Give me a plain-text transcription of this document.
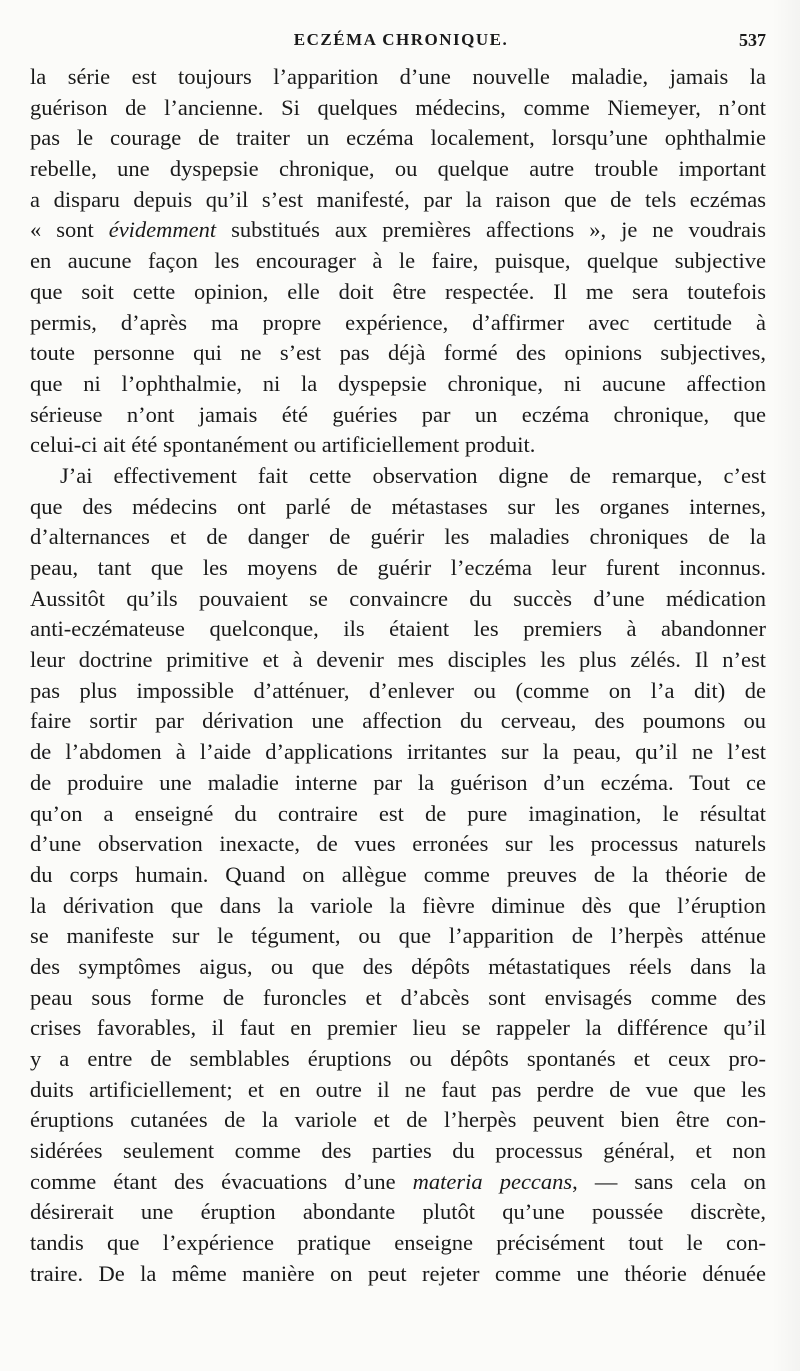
ECZÉMA CHRONIQUE.	537
la série est toujours l’apparition d’une nouvelle maladie, jamais la
guérison de l’ancienne. Si quelques médecins, comme Niemeyer, n’ont
pas le courage de traiter un eczéma localement, lorsqu’une ophthalmie
rebelle, une dyspepsie chronique, ou quelque autre trouble important
a disparu depuis qu’il s’est manifesté, par la raison que de tels eczémas
« sont évidemment substitués aux premières affections », je ne voudrais
en aucune façon les encourager à le faire, puisque, quelque subjective
que soit cette opinion, elle doit être respectée. Il me sera toutefois
permis, d’après ma propre expérience, d’affirmer avec certitude à
toute personne qui ne s’est pas déjà formé des opinions subjectives,
que ni l’ophthalmie, ni la dyspepsie chronique, ni aucune affection
sérieuse n’ont jamais été guéries par un eczéma chronique, que
celui-ci ait été spontanément ou artificiellement produit.
J’ai effectivement fait cette observation digne de remarque, c’est
que des médecins ont parlé de métastases sur les organes internes,
d’alternances et de danger de guérir les maladies chroniques de la
peau, tant que les moyens de guérir l’eczéma leur furent inconnus.
Aussitôt qu’ils pouvaient se convaincre du succès d’une médication
anti-eczémateuse quelconque, ils étaient les premiers à abandonner
leur doctrine primitive et à devenir mes disciples les plus zélés. Il n’est
pas plus impossible d’atténuer, d’enlever ou (comme on l’a dit) de
faire sortir par dérivation une affection du cerveau, des poumons ou
de l’abdomen à l’aide d’applications irritantes sur la peau, qu’il ne l’est
de produire une maladie interne par la guérison d’un eczéma. Tout ce
qu’on a enseigné du contraire est de pure imagination, le résultat
d’une observation inexacte, de vues erronées sur les processus naturels
du corps humain. Quand on allègue comme preuves de la théorie de
la dérivation que dans la variole la fièvre diminue dès que l’éruption
se manifeste sur le tégument, ou que l’apparition de l’herpès atténue
des symptômes aigus, ou que des dépôts métastatiques réels dans la
peau sous forme de furoncles et d’abcès sont envisagés comme des
crises favorables, il faut en premier lieu se rappeler la différence qu’il
y a entre de semblables éruptions ou dépôts spontanés et ceux pro-
duits artificiellement; et en outre il ne faut pas perdre de vue que les
éruptions cutanées de la variole et de l’herpès peuvent bien être con-
sidérées seulement comme des parties du processus général, et non
comme étant des évacuations d’une materia peccans, — sans cela on
désirerait une éruption abondante plutôt qu’une poussée discrète,
tandis que l’expérience pratique enseigne précisément tout le con-
traire. De la même manière on peut rejeter comme une théorie dénuée
